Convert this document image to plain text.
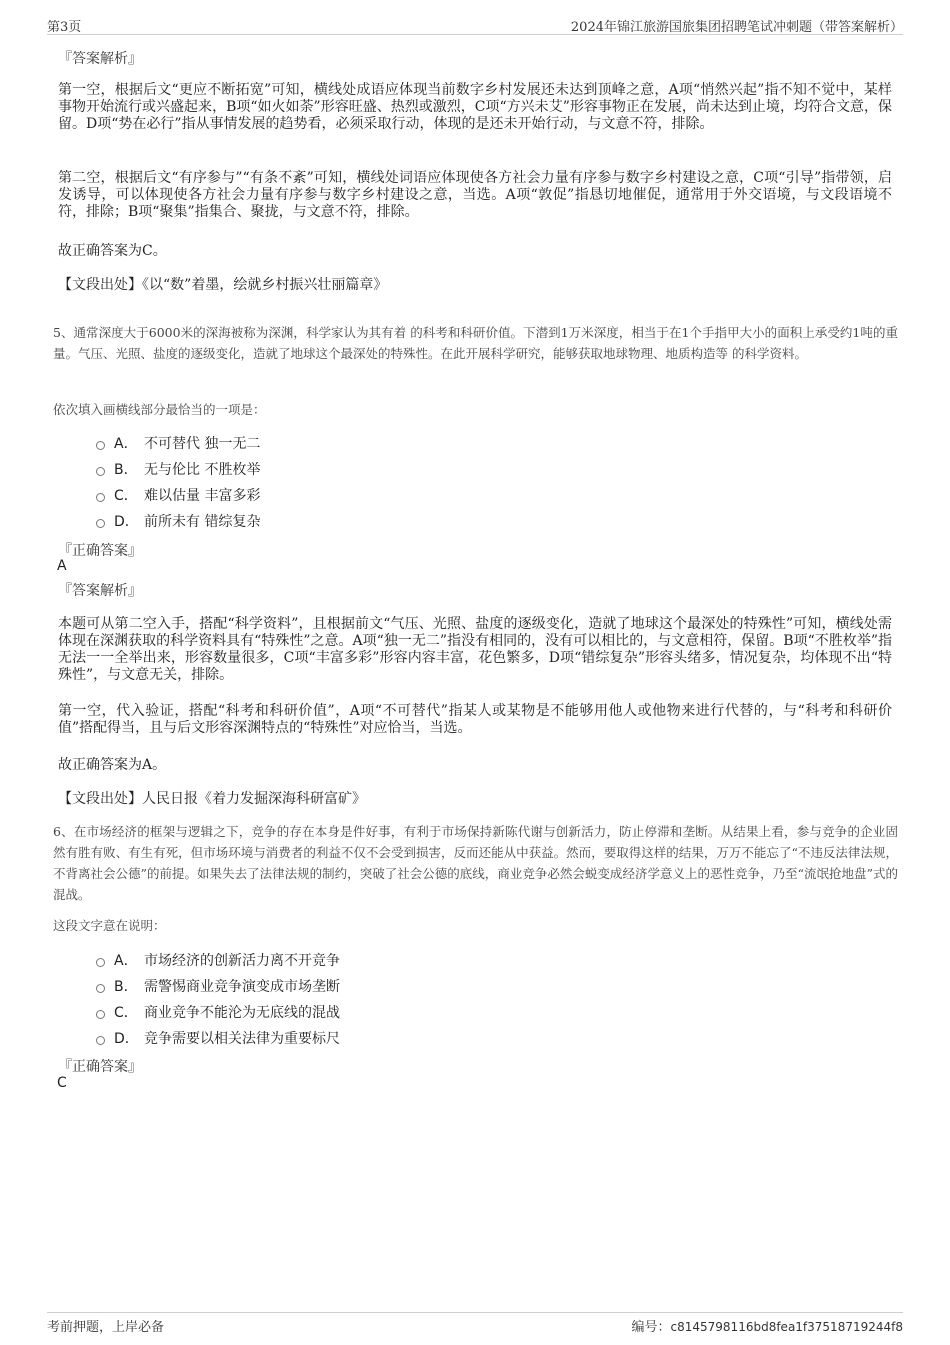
第3页	2024年锦江旅游国旅集团招聘笔试冲刺题（带答案解析）
『答案解析』

第一空，根据后文“更应不断拓宽”可知，横线处成语应体现当前数字乡村发展还未达到顶峰之意，A项“悄然兴起”指不知不觉中，某样事物开始流行或兴盛起来，B项“如火如荼”形容旺盛、热烈或激烈，C项“方兴未艾”形容事物正在发展，尚未达到止境，均符合文意，保留。D项“势在必行”指从事情发展的趋势看，必须采取行动，体现的是还未开始行动，与文意不符，排除。

第二空，根据后文“有序参与”“有条不紊”可知，横线处词语应体现使各方社会力量有序参与数字乡村建设之意，C项“引导”指带领，启发诱导，可以体现使各方社会力量有序参与数字乡村建设之意，当选。A项“敦促”指恳切地催促，通常用于外交语境，与文段语境不符，排除；B项“聚集”指集合、聚拢，与文意不符，排除。

故正确答案为C。
【文段出处】《以“数”着墨，绘就乡村振兴壮丽篇章》

5、通常深度大于6000米的深海被称为深渊，科学家认为其有着 的科考和科研价值。下潜到1万米深度，相当于在1个手指甲大小的面积上承受约1吨的重量。气压、光照、盐度的逐级变化，造就了地球这个最深处的特殊性。在此开展科学研究，能够获取地球物理、地质构造等 的科学资料。

依次填入画横线部分最恰当的一项是：
A． 不可替代 独一无二
B． 无与伦比 不胜枚举
C． 难以估量 丰富多彩
D． 前所未有 错综复杂
『正确答案』
A
『答案解析』

本题可从第二空入手，搭配“科学资料”，且根据前文“气压、光照、盐度的逐级变化，造就了地球这个最深处的特殊性”可知，横线处需体现在深渊获取的科学资料具有“特殊性”之意。A项“独一无二”指没有相同的，没有可以相比的，与文意相符，保留。B项“不胜枚举”指无法一一全举出来，形容数量很多，C项“丰富多彩”形容内容丰富，花色繁多，D项“错综复杂”形容头绪多，情况复杂，均体现不出“特殊性”，与文意无关，排除。

第一空，代入验证，搭配“科考和科研价值”，A项“不可替代”指某人或某物是不能够用他人或他物来进行代替的，与“科考和科研价值”搭配得当，且与后文形容深渊特点的“特殊性”对应恰当，当选。

故正确答案为A。
【文段出处】人民日报《着力发掘深海科研富矿》

6、在市场经济的框架与逻辑之下，竞争的存在本身是件好事，有利于市场保持新陈代谢与创新活力，防止停滞和垄断。从结果上看，参与竞争的企业固然有胜有败、有生有死，但市场环境与消费者的利益不仅不会受到损害，反而还能从中获益。然而，要取得这样的结果，万万不能忘了“不违反法律法规，不背离社会公德”的前提。如果失去了法律法规的制约，突破了社会公德的底线，商业竞争必然会蜕变成经济学意义上的恶性竞争，乃至“流氓抢地盘”式的混战。

这段文字意在说明：
A． 市场经济的创新活力离不开竞争
B． 需警惕商业竞争演变成市场垄断
C． 商业竞争不能沦为无底线的混战
D． 竞争需要以相关法律为重要标尺
『正确答案』
C
考前押题，上岸必备	编号：c8145798116bd8fea1f37518719244f8
